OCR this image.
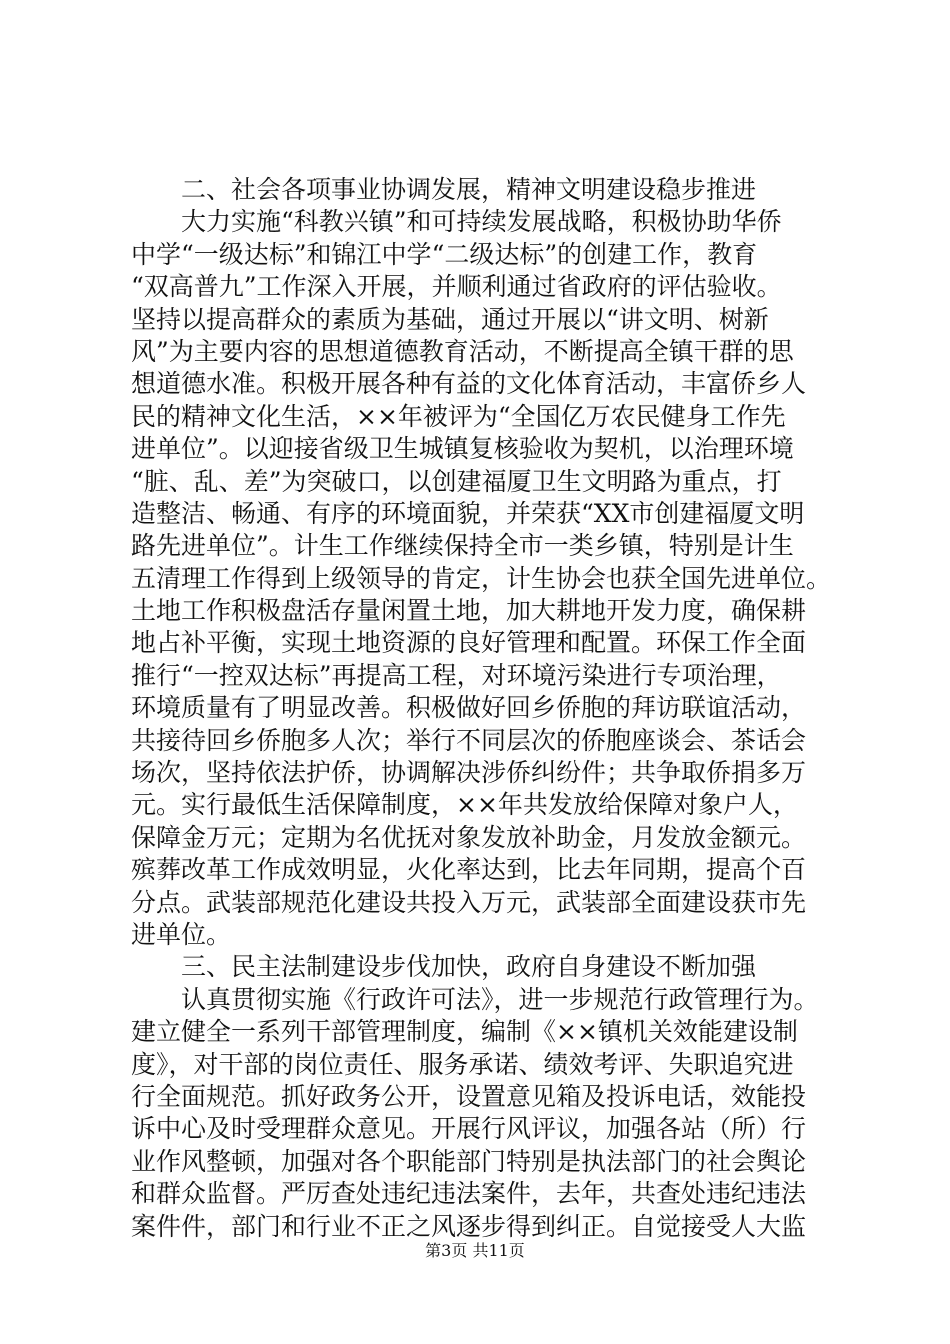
二、社会各项事业协调发展，精神文明建设稳步推进
大力实施“科教兴镇”和可持续发展战略，积极协助华侨
中学“一级达标”和锦江中学“二级达标”的创建工作，教育
“双高普九”工作深入开展，并顺利通过省政府的评估验收。
坚持以提高群众的素质为基础，通过开展以“讲文明、树新
风”为主要内容的思想道德教育活动，不断提高全镇干群的思
想道德水准。积极开展各种有益的文化体育活动，丰富侨乡人
民的精神文化生活，××年被评为“全国亿万农民健身工作先
进单位”。以迎接省级卫生城镇复核验收为契机，以治理环境
“脏、乱、差”为突破口，以创建福厦卫生文明路为重点，打
造整洁、畅通、有序的环境面貌，并荣获“XX市创建福厦文明
路先进单位”。计生工作继续保持全市一类乡镇，特别是计生
五清理工作得到上级领导的肯定，计生协会也获全国先进单位。
土地工作积极盘活存量闲置土地，加大耕地开发力度，确保耕
地占补平衡，实现土地资源的良好管理和配置。环保工作全面
推行“一控双达标”再提高工程，对环境污染进行专项治理，
环境质量有了明显改善。积极做好回乡侨胞的拜访联谊活动，
共接待回乡侨胞多人次；举行不同层次的侨胞座谈会、茶话会
场次，坚持依法护侨，协调解决涉侨纠纷件；共争取侨捐多万
元。实行最低生活保障制度，××年共发放给保障对象户人，
保障金万元；定期为名优抚对象发放补助金，月发放金额元。
殡葬改革工作成效明显，火化率达到，比去年同期，提高个百
分点。武装部规范化建设共投入万元，武装部全面建设获市先
进单位。
三、民主法制建设步伐加快，政府自身建设不断加强
认真贯彻实施《行政许可法》，进一步规范行政管理行为。
建立健全一系列干部管理制度，编制《××镇机关效能建设制
度》，对干部的岗位责任、服务承诺、绩效考评、失职追究进
行全面规范。抓好政务公开，设置意见箱及投诉电话，效能投
诉中心及时受理群众意见。开展行风评议，加强各站（所）行
业作风整顿，加强对各个职能部门特别是执法部门的社会舆论
和群众监督。严厉查处违纪违法案件，去年，共查处违纪违法
案件件，部门和行业不正之风逐步得到纠正。自觉接受人大监
第3页 共11页
